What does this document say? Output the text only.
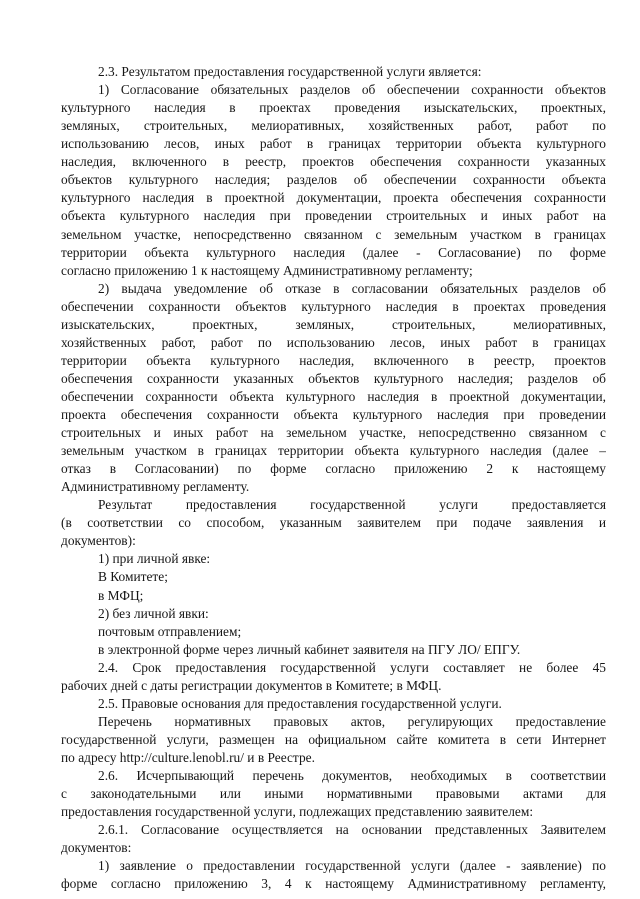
2.3. Результатом предоставления государственной услуги является:
1) Согласование обязательных разделов об обеспечении сохранности объектов
культурного наследия в проектах проведения изыскательских, проектных,
земляных, строительных, мелиоративных, хозяйственных работ, работ по
использованию лесов, иных работ в границах территории объекта культурного
наследия, включенного в реестр, проектов обеспечения сохранности указанных
объектов культурного наследия; разделов об обеспечении сохранности объекта
культурного наследия в проектной документации, проекта обеспечения сохранности
объекта культурного наследия при проведении строительных и иных работ на
земельном участке, непосредственно связанном с земельным участком в границах
территории объекта культурного наследия (далее - Согласование) по форме
согласно приложению 1 к настоящему Административному регламенту;
2) выдача уведомление об отказе в согласовании обязательных разделов об
обеспечении сохранности объектов культурного наследия в проектах проведения
изыскательских, проектных, земляных, строительных, мелиоративных,
хозяйственных работ, работ по использованию лесов, иных работ в границах
территории объекта культурного наследия, включенного в реестр, проектов
обеспечения сохранности указанных объектов культурного наследия; разделов об
обеспечении сохранности объекта культурного наследия в проектной документации,
проекта обеспечения сохранности объекта культурного наследия при проведении
строительных и иных работ на земельном участке, непосредственно связанном с
земельным участком в границах территории объекта культурного наследия (далее –
отказ в Согласовании) по форме согласно приложению 2 к настоящему
Административному регламенту.
Результат предоставления государственной услуги предоставляется
(в соответствии со способом, указанным заявителем при подаче заявления и
документов):
1) при личной явке:
В Комитете;
в МФЦ;
2) без личной явки:
почтовым отправлением;
в электронной форме через личный кабинет заявителя на ПГУ ЛО/ ЕПГУ.
2.4. Срок предоставления государственной услуги составляет не более 45
рабочих дней с даты регистрации документов в Комитете; в МФЦ.
2.5. Правовые основания для предоставления государственной услуги.
Перечень нормативных правовых актов, регулирующих предоставление
государственной услуги, размещен на официальном сайте комитета в сети Интернет
по адресу http://culture.lenobl.ru/ и в Реестре.
2.6. Исчерпывающий перечень документов, необходимых в соответствии
с законодательными или иными нормативными правовыми актами для
предоставления государственной услуги, подлежащих представлению заявителем:
2.6.1. Согласование осуществляется на основании представленных Заявителем
документов:
1) заявление о предоставлении государственной услуги (далее - заявление) по
форме согласно приложению 3, 4 к настоящему Административному регламенту,
